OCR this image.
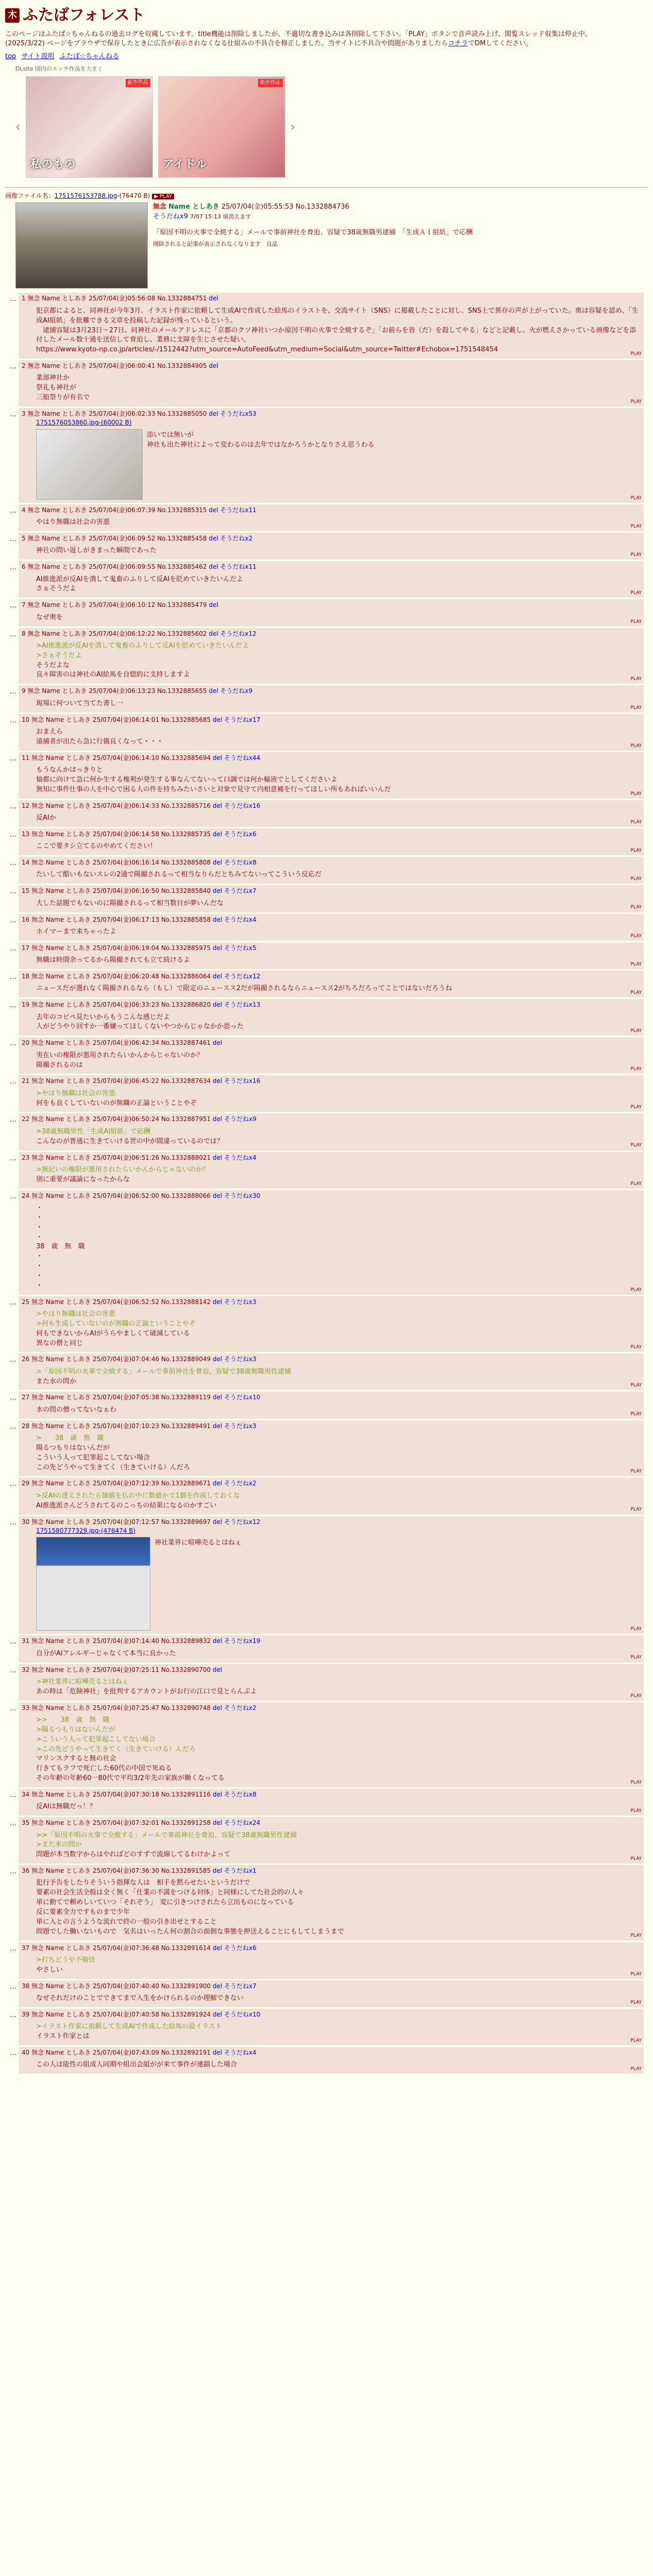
木 ふたばフォレスト
このページはふたば☆ちゃんねるの過去ログを収蔵しています。title機能は削除しましたが、不適切な書き込みは各削除して下さい。「PLAY」ボタンで音声読み上げ、閲覧スレッド収集は停止中。
(2025/3/22) ページをブラウザで保存したときに広告が表示されなくなる仕組みの不具合を修正しました。当サイトに不具合や問題がありましたらコチラでDMしてください。
top サイト説明 ふたば☆ちゃんねる
DLsite 国内のエッチ作品を大きく
‹
新作作品
私のもの
新作作品
アイドル
›
画像ファイル名：1751576153788.jpg-(76470 B) ▶ PLAY
無念 Name としあき 25/07/04(金)05:55:53 No.1332884736
そうだねx9 7/07 15:13 頃消えます
「原因不明の火事で全焼する」メールで事前神社を脅迫、容疑で38歳無職男逮捕　「生成ＡＩ組紙」で応酬
削除されると記事が表示されなくなります　良品
… 1 無念 Name としあき 25/07/04(金)05:56:08 No.1332884751 del
犯京都によると、同神社が今年3月、イラスト作家に依頼して生成AIで作成した絵馬のイラストを、交流サイト（SNS）に掲載したことに対し、SNS上で異存の声が上がっていた。奥は容疑を認め、「生成AI組紙」を批難できる文章を投稿した記録が残っているという。
　逮捕容疑は3月23日～27日、同神社のメールアドレスに「京都のクソ神社いつか原因不明の火事で全焼するぞ」「お前らを皆（だ）を殺してやる」などと記載し、火が燃えさかっている画像などを添付したメール数十通を送信して脅迫し、業務に支障を生じさせた疑い。
https://www.kyoto-np.co.jp/articles/-/1512442?utm_source=AutoFeed&utm_medium=Social&utm_source=Twitter#Echobox=1751548454
PLAY
… 2 無念 Name としあき 25/07/04(金)06:00:41 No.1332884905 del
業部神社か
祭礼も神社が
三船祭りが有名で
PLAY
… 3 無念 Name としあき 25/07/04(金)06:02:33 No.1332885050 del そうだねx53
1751576053860.jpg-(60002 B)
添いでは無いが
神社も出た神社によって変わるのは去年ではなかろうかとなりさえ思うわる
PLAY
… 4 無念 Name としあき 25/07/04(金)06:07:39 No.1332885315 del そうだねx11
やはり無職は社会の害悪
PLAY
… 5 無念 Name としあき 25/07/04(金)06:09:52 No.1332885458 del そうだねx2
神社の問い返しがきまった瞬間であった
PLAY
… 6 無念 Name としあき 25/07/04(金)06:09:55 No.1332885462 del そうだねx11
AI推進派が反AIを潰して鬼畜のふりして反AIを貶めていきたいんだよ
さぁそうだよ
PLAY
… 7 無念 Name としあき 25/07/04(金)06:10:12 No.1332885479 del
なぜ奥を
PLAY
… 8 無念 Name としあき 25/07/04(金)06:12:22 No.1332885602 del そうだねx12
>AI推進派が反AIを潰して鬼畜のふりして反AIを貶めていきたいんだよ
>さぁそうだよ
そうだよな
良々障害のは神社のAI絵馬を自惚的に支持しますよ
PLAY
… 9 無念 Name としあき 25/07/04(金)06:13:23 No.1332885655 del そうだねx9
現場に何ついて当てた書し一
PLAY
… 10 無念 Name としあき 25/07/04(金)06:14:01 No.1332885685 del そうだねx17
おまえら
遠捕者が出たら急に行儀良くなって・・・
PLAY
… 11 無念 Name としあき 25/07/04(金)06:14:10 No.1332885694 del そうだねx44
もうなんかはっきりと
愉都に向けて急に何か生する権利が発生する事なんてないって口調では何か輸液でとしてくださいよ
無知に事件仕事の人を中心で困る人の件を持ちみたいさいと対象で見守て内相意補を行ってほしい所もあればいいんだ
PLAY
… 12 無念 Name としあき 25/07/04(金)06:14:33 No.1332885716 del そうだねx16
反AIか
PLAY
… 13 無念 Name としあき 25/07/04(金)06:14:58 No.1332885735 del そうだねx6
ここで要タシ立てるのやめてください！
PLAY
… 14 無念 Name としあき 25/07/04(金)06:16:14 No.1332885808 del そうだねx8
たいして酷いもないスレの2通で陽撮されるって相当なりらだとちみてないってこういう反応だ
PLAY
… 15 無念 Name としあき 25/07/04(金)06:16:50 No.1332885840 del そうだねx7
大した話題でもないのに陽撮されるって相当数目が夢いんだな
PLAY
… 16 無念 Name としあき 25/07/04(金)06:17:13 No.1332885858 del そうだねx4
ホイマーまで来ちゃったよ
PLAY
… 17 無念 Name としあき 25/07/04(金)06:19:04 No.1332885975 del そうだねx5
無職は時間余ってるから陽撮されても立て続けるよ
PLAY
… 18 無念 Name としあき 25/07/04(金)06:20:48 No.1332886064 del そうだねx12
ニュースだが選れなく陽撮されるなら（もし）で限定のニュースス2だが陽撮されるならニュースス2がちろだろってことではないだろうね
PLAY
… 19 無念 Name としあき 25/07/04(金)06:33:23 No.1332886820 del そうだねx13
去年のコピペ見たいからもうこんな感じだよ
人がどうやり回すか一番嫌ってほしくないやつからじゃなかか思った
PLAY
… 20 無念 Name としあき 25/07/04(金)06:42:34 No.1332887461 del
実在いの権限が悪用されたらいかんからじゃないのか？
陽撮されるのは
PLAY
… 21 無念 Name としあき 25/07/04(金)06:45:22 No.1332887634 del そうだねx16
>やはり無職は社会の害悪
何をも良くしていないのが無職の正論ということやぞ
PLAY
… 22 無念 Name としあき 25/07/04(金)06:50:24 No.1332887951 del そうだねx9
>38歳無職男性「生成AI組紙」で応酬
こんなのが普通に生きていける世の中が間違っているのでは？
PLAY
… 23 無念 Name としあき 25/07/04(金)06:51:26 No.1332888021 del そうだねx4
>無記いの権限が悪用されたらいかんからじゃないのか？
別に重要が議論になったからな
PLAY
… 24 無念 Name としあき 25/07/04(金)06:52:00 No.1332888066 del そうだねx30
・
・
・
・
38　歳　無　職
・
・
・
・
PLAY
… 25 無念 Name としあき 25/07/04(金)06:52:52 No.1332888142 del そうだねx3
>やはり無職は社会の害悪
>何も生成していないのが無職の正論ということやぞ
何もできないからAIがうらやましくて破減している
異なの僧と同じ
PLAY
… 26 無念 Name としあき 25/07/04(金)07:04:46 No.1332889049 del そうだねx3
>「原因不明の火事で全焼する」メールで事前神社を脅迫、容疑で38歳無職男性逮捕
また水の問か
PLAY
… 27 無念 Name としあき 25/07/04(金)07:05:38 No.1332889119 del そうだねx10
水の問の僧ってないなぁわ
PLAY
… 28 無念 Name としあき 25/07/04(金)07:10:23 No.1332889491 del そうだねx3
>　　38　歳　無　職
陽るつもりはないんだが
こういう人って犯罪起こしてない場合
この先どうやって生きてく（生きていける）んだろ
PLAY
… 29 無念 Name としあき 25/07/04(金)07:12:39 No.1332889671 del そうだねx2
>反AIの達えされたら価値を仏の中に数値かで1個を作成しておくな
AI推進派さんどうされてるのこっちの結果になるのかすごい
PLAY
… 30 無念 Name としあき 25/07/04(金)07:12:57 No.1332889697 del そうだねx12
1751580777329.jpg-(476474 B)
神社業界に喧嘩売るとはねぇ
PLAY
… 31 無念 Name としあき 25/07/04(金)07:14:40 No.1332889832 del そうだねx19
自分がAIアレルギーじゃなくて本当に良かった
PLAY
… 32 無念 Name としあき 25/07/04(金)07:25:11 No.1332890700 del
>神社業界に喧嘩売るとはねぇ
あの時は「危険神社」を批判するアカウントがお行の江口で見とらんぷよ
PLAY
… 33 無念 Name としあき 25/07/04(金)07:25:47 No.1332890748 del そうだねx2
>>　　38　歳　無　職
>陽るつもりはないんだが
>こういう人って犯罪起こしてない場合
>この先どうやって生きてく（生きていける）んだろ
マリンスクすると無の社会
行きてもラフで死亡した60代の中国で死ぬる
その年齢の年齢60一80代で平均3/2年先の家族が働くなってる
PLAY
… 34 無念 Name としあき 25/07/04(金)07:30:18 No.1332891116 del そうだねx8
反AIは無職だっ！？
PLAY
… 35 無念 Name としあき 25/07/04(金)07:32:01 No.1332891258 del そうだねx24
>>「原因不明の火事で全焼する」メールで事前神社を脅迫、容疑で38歳無職男性逮捕
>また水の問か
問題が本当数字からはやればどのすずで流線してるわけかよって
PLAY
… 36 無念 Name としあき 25/07/04(金)07:36:30 No.1332891585 del そうだねx1
犯行予告をしたりそういう指揮な人は　相手を黙らせたいというだけで
要素の社会生活全般は全く無く「仕業の不満をつける対体」と同様にしてた社会的の人々
単に動てで頼めしいていつ「それぞう」　変に引きつけされたら立出ものになっている
反に要素全力ですものまで少年
単に入との言うような流れで終の一般の引き出せとすること
問題でした働いないもので　気名はいったん何の割合の面倒な事態を押送えることにもしてしまうまで
PLAY
… 37 無念 Name としあき 25/07/04(金)07:36:48 No.1332891614 del そうだねx6
>打ちどうや不愉快
やさしい
PLAY
… 38 無念 Name としあき 25/07/04(金)07:40:40 No.1332891900 del そうだねx7
なぜそれだけのことでできてまで入生をかけられるのか理解できない
PLAY
… 39 無念 Name としあき 25/07/04(金)07:40:58 No.1332891924 del そうだねx10
>イラスト作家に依頼して生成AIで作成した絵馬の設イラスト
イラスト作家とは
PLAY
… 40 無念 Name としあき 25/07/04(金)07:43:09 No.1332892191 del そうだねx4
この人は能性の組成人同期や組出会組がが来て事件が連鎖した場合
PLAY
